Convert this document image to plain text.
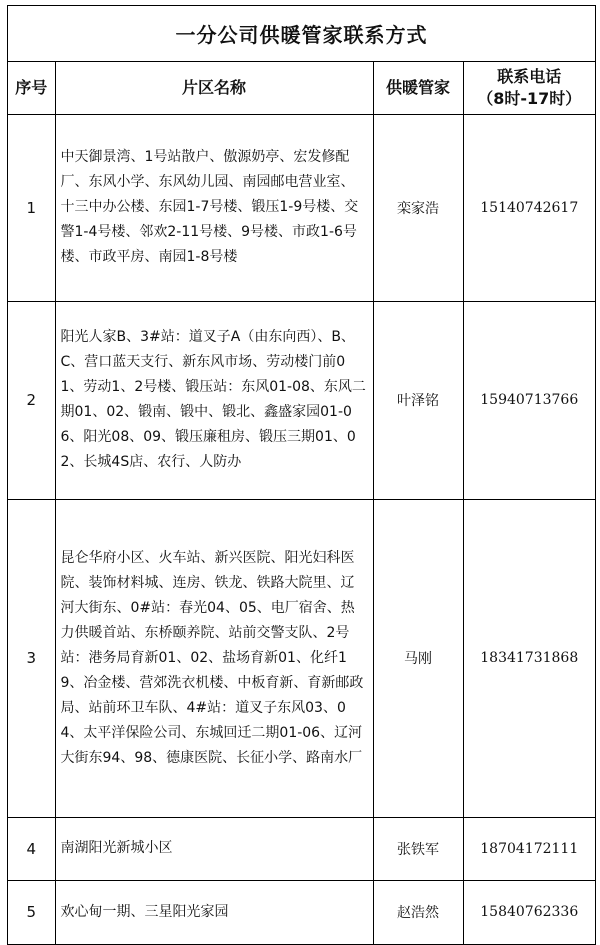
一分公司供暖管家联系方式
序号	片区名称	供暖管家	联系电话
（8时-17时）

1	中天御景湾、1号站散户、傲源奶亭、宏发修配厂、东风小学、东风幼儿园、南园邮电营业室、十三中办公楼、东园1-7号楼、锻压1-9号楼、交警1-4号楼、邻欢2-11号楼、9号楼、市政1-6号楼、市政平房、南园1-8号楼	栾家浩	15140742617
2	阳光人家B、3#站：道叉子A（由东向西）、B、C、营口蓝天支行、新东风市场、劳动楼门前01、劳动1、2号楼、锻压站：东风01-08、东风二期01、02、锻南、锻中、锻北、鑫盛家园01-06、阳光08、09、锻压廉租房、锻压三期01、02、长城4S店、农行、人防办	叶泽铭	15940713766
3	昆仑华府小区、火车站、新兴医院、阳光妇科医院、装饰材料城、连房、铁龙、铁路大院里、辽河大街东、0#站：春光04、05、电厂宿舍、热力供暖首站、东桥颐养院、站前交警支队、2号站：港务局育新01、02、盐场育新01、化纤19、冶金楼、营郊洗衣机楼、中板育新、育新邮政局、站前环卫车队、4#站：道叉子东风03、04、太平洋保险公司、东城回迁二期01-06、辽河大街东94、98、德康医院、长征小学、路南水厂	马刚	18341731868
4	南湖阳光新城小区	张铁军	18704172111
5	欢心甸一期、三星阳光家园	赵浩然	15840762336
